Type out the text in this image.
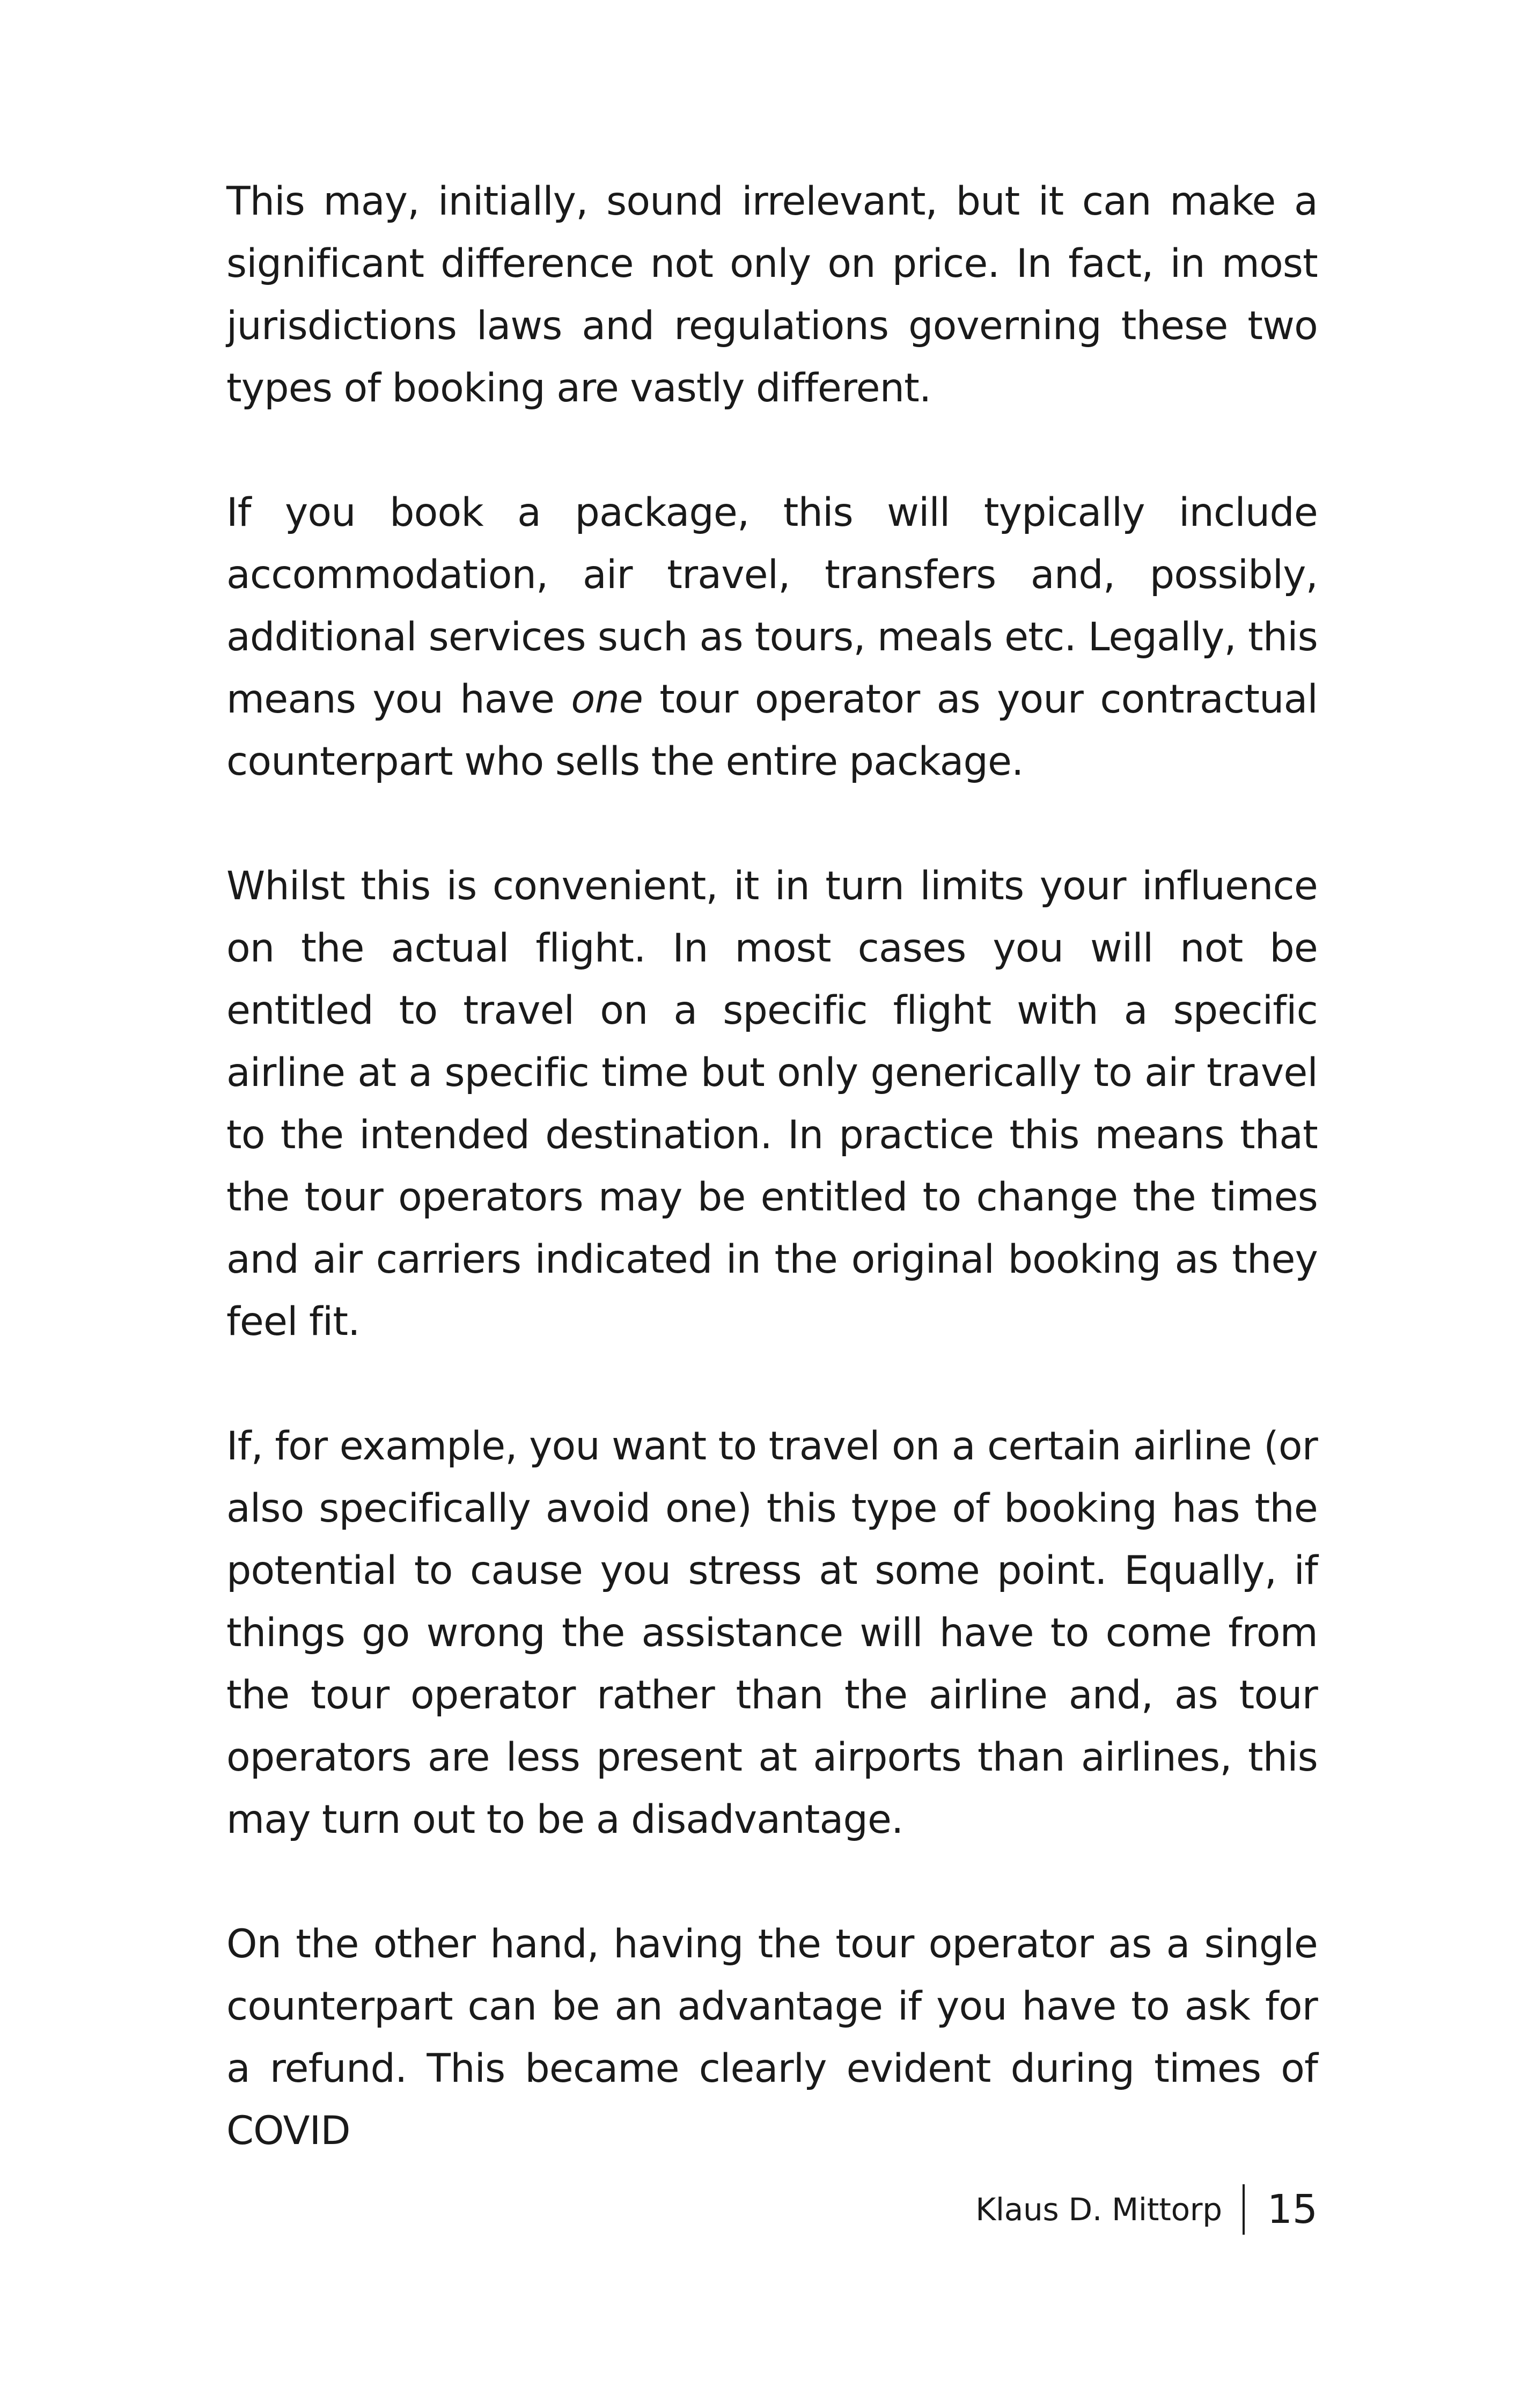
This may, initially, sound irrelevant, but it can make a significant difference not only on price. In fact, in most jurisdictions laws and regulations governing these two types of booking are vastly different.

If you book a package, this will typically include accommodation, air travel, transfers and, possibly, additional services such as tours, meals etc. Legally, this means you have one tour operator as your contractual counterpart who sells the entire package.

Whilst this is convenient, it in turn limits your influence on the actual flight. In most cases you will not be entitled to travel on a specific flight with a specific airline at a specific time but only generically to air travel to the intended destination. In practice this means that the tour operators may be entitled to change the times and air carriers indicated in the original booking as they feel fit.

If, for example, you want to travel on a certain airline (or also specifically avoid one) this type of booking has the potential to cause you stress at some point. Equally, if things go wrong the assistance will have to come from the tour operator rather than the airline and, as tour operators are less present at airports than airlines, this may turn out to be a disadvantage.

On the other hand, having the tour operator as a single counterpart can be an advantage if you have to ask for a refund. This became clearly evident during times of COVID

Klaus D. Mittorp 15
